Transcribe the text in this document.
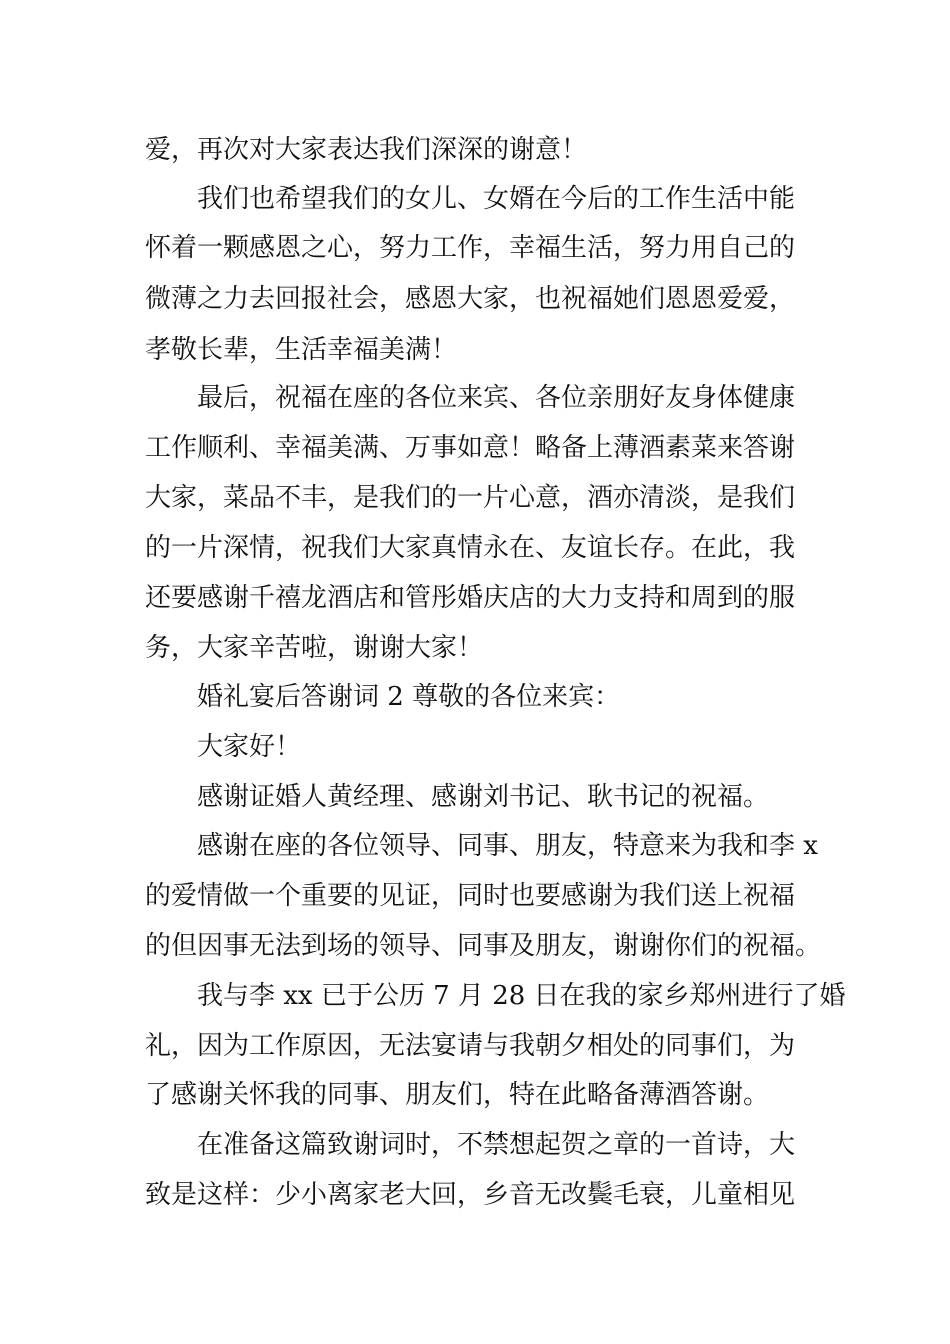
爱，再次对大家表达我们深深的谢意！
我们也希望我们的女儿、女婿在今后的工作生活中能
怀着一颗感恩之心，努力工作，幸福生活，努力用自己的
微薄之力去回报社会，感恩大家，也祝福她们恩恩爱爱，
孝敬长辈，生活幸福美满！
最后，祝福在座的各位来宾、各位亲朋好友身体健康
工作顺利、幸福美满、万事如意！略备上薄酒素菜来答谢
大家，菜品不丰，是我们的一片心意，酒亦清淡，是我们
的一片深情，祝我们大家真情永在、友谊长存。在此，我
还要感谢千禧龙酒店和管彤婚庆店的大力支持和周到的服
务，大家辛苦啦，谢谢大家！
婚礼宴后答谢词 2 尊敬的各位来宾：
大家好！
感谢证婚人黄经理、感谢刘书记、耿书记的祝福。
感谢在座的各位领导、同事、朋友，特意来为我和李 x
的爱情做一个重要的见证，同时也要感谢为我们送上祝福
的但因事无法到场的领导、同事及朋友，谢谢你们的祝福。
我与李 xx 已于公历 7 月 28 日在我的家乡郑州进行了婚
礼，因为工作原因，无法宴请与我朝夕相处的同事们，为
了感谢关怀我的同事、朋友们，特在此略备薄酒答谢。
在准备这篇致谢词时，不禁想起贺之章的一首诗，大
致是这样：少小离家老大回，乡音无改鬓毛衰，儿童相见
